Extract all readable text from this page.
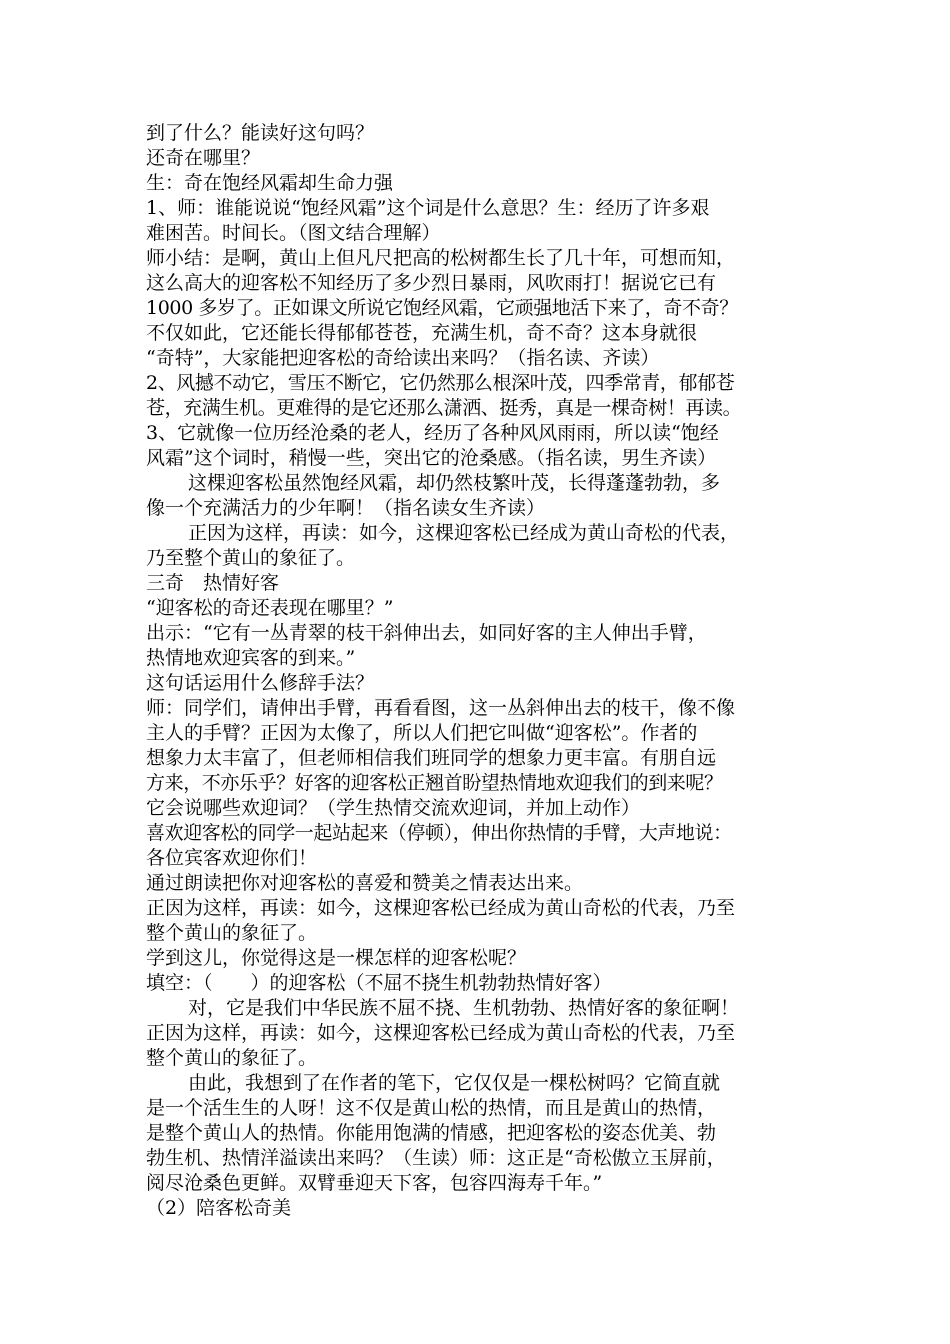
到了什么？能读好这句吗？
还奇在哪里？
生：奇在饱经风霜却生命力强
1、师：谁能说说“饱经风霜”这个词是什么意思？生：经历了许多艰
难困苦。时间长。（图文结合理解）
师小结：是啊，黄山上但凡尺把高的松树都生长了几十年，可想而知，
这么高大的迎客松不知经历了多少烈日暴雨，风吹雨打！据说它已有
1000 多岁了。正如课文所说它饱经风霜，它顽强地活下来了，奇不奇？
不仅如此，它还能长得郁郁苍苍，充满生机，奇不奇？这本身就很
“奇特”，大家能把迎客松的奇给读出来吗？（指名读、齐读）
2、风撼不动它，雪压不断它，它仍然那么根深叶茂，四季常青，郁郁苍
苍，充满生机。更难得的是它还那么潇洒、挺秀，真是一棵奇树！再读。
3、它就像一位历经沧桑的老人，经历了各种风风雨雨，所以读“饱经
风霜”这个词时，稍慢一些，突出它的沧桑感。（指名读，男生齐读）
这棵迎客松虽然饱经风霜，却仍然枝繁叶茂，长得蓬蓬勃勃，多
像一个充满活力的少年啊！（指名读女生齐读）
正因为这样，再读：如今，这棵迎客松已经成为黄山奇松的代表，
乃至整个黄山的象征了。
三奇　热情好客
“迎客松的奇还表现在哪里？”
出示：“它有一丛青翠的枝干斜伸出去，如同好客的主人伸出手臂，
热情地欢迎宾客的到来。”
这句话运用什么修辞手法？
师：同学们，请伸出手臂，再看看图，这一丛斜伸出去的枝干，像不像
主人的手臂？正因为太像了，所以人们把它叫做“迎客松”。作者的
想象力太丰富了，但老师相信我们班同学的想象力更丰富。有朋自远
方来，不亦乐乎？好客的迎客松正翘首盼望热情地欢迎我们的到来呢？
它会说哪些欢迎词？（学生热情交流欢迎词，并加上动作）
喜欢迎客松的同学一起站起来（停顿），伸出你热情的手臂，大声地说：
各位宾客欢迎你们！
通过朗读把你对迎客松的喜爱和赞美之情表达出来。
正因为这样，再读：如今，这棵迎客松已经成为黄山奇松的代表，乃至
整个黄山的象征了。
学到这儿，你觉得这是一棵怎样的迎客松呢？
填空：（　　）的迎客松（不屈不挠生机勃勃热情好客）
对，它是我们中华民族不屈不挠、生机勃勃、热情好客的象征啊！
正因为这样，再读：如今，这棵迎客松已经成为黄山奇松的代表，乃至
整个黄山的象征了。
由此，我想到了在作者的笔下，它仅仅是一棵松树吗？它简直就
是一个活生生的人呀！这不仅是黄山松的热情，而且是黄山的热情，
是整个黄山人的热情。你能用饱满的情感，把迎客松的姿态优美、勃
勃生机、热情洋溢读出来吗？（生读）师：这正是“奇松傲立玉屏前，
阅尽沧桑色更鲜。双臂垂迎天下客，包容四海寿千年。”
（2）陪客松奇美
